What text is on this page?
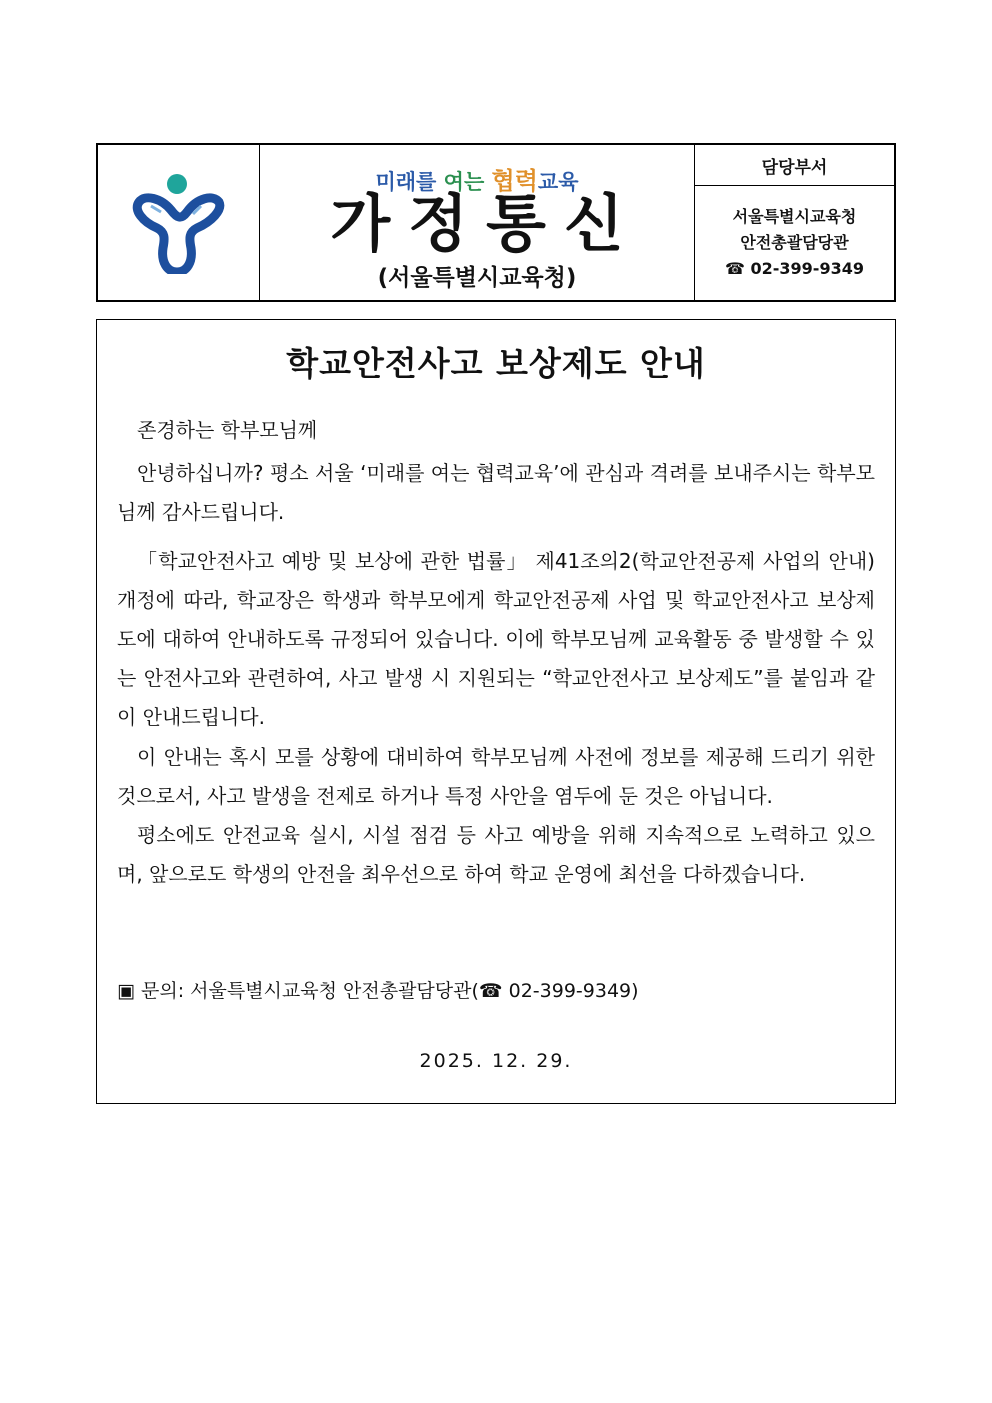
미래를 여는 협력교육
가정통신
(서울특별시교육청)
담당부서
서울특별시교육청
안전총괄담당관
☎ 02-399-9349
학교안전사고 보상제도 안내

존경하는 학부모님께

안녕하십니까? 평소 서울 ‘미래를 여는 협력교육’에 관심과 격려를 보내주시는 학부모님께 감사드립니다.

「학교안전사고 예방 및 보상에 관한 법률」 제41조의2(학교안전공제 사업의 안내) 개정에 따라, 학교장은 학생과 학부모에게 학교안전공제 사업 및 학교안전사고 보상제도에 대하여 안내하도록 규정되어 있습니다. 이에 학부모님께 교육활동 중 발생할 수 있는 안전사고와 관련하여, 사고 발생 시 지원되는 “학교안전사고 보상제도”를 붙임과 같이 안내드립니다.

이 안내는 혹시 모를 상황에 대비하여 학부모님께 사전에 정보를 제공해 드리기 위한 것으로서, 사고 발생을 전제로 하거나 특정 사안을 염두에 둔 것은 아닙니다.

평소에도 안전교육 실시, 시설 점검 등 사고 예방을 위해 지속적으로 노력하고 있으며, 앞으로도 학생의 안전을 최우선으로 하여 학교 운영에 최선을 다하겠습니다.

▣ 문의: 서울특별시교육청 안전총괄담당관(☎ 02-399-9349)
2025. 12. 29.
